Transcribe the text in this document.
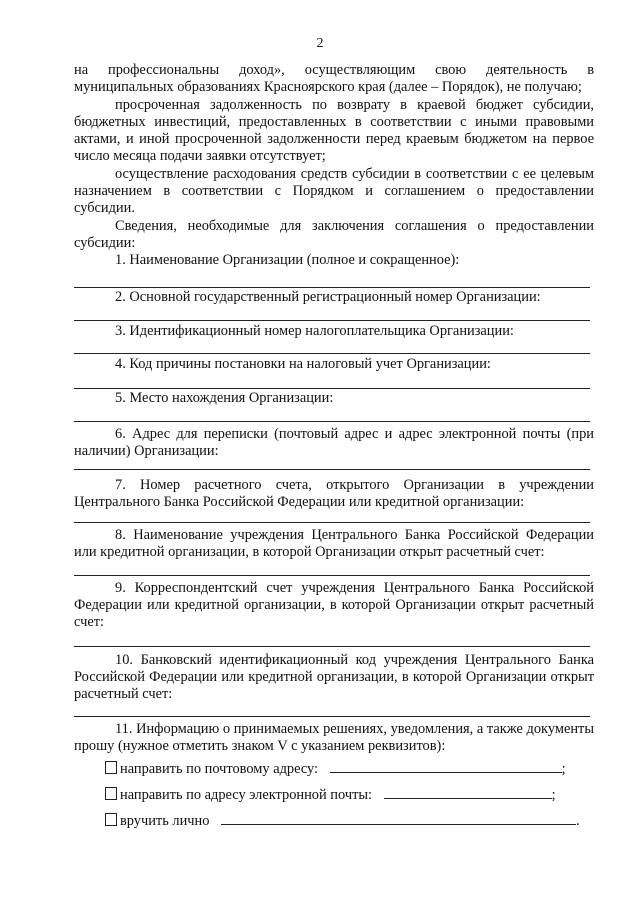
2
на профессиональны доход», осуществляющим свою деятельность в муниципальных образованиях Красноярского края (далее – Порядок), не получаю;
просроченная задолженность по возврату в краевой бюджет субсидии, бюджетных инвестиций, предоставленных в соответствии с иными правовыми актами, и иной просроченной задолженности перед краевым бюджетом на первое число месяца подачи заявки отсутствует;
осуществление расходования средств субсидии в соответствии с ее целевым назначением в соответствии с Порядком и соглашением о предоставлении субсидии.
Сведения, необходимые для заключения соглашения о предоставлении субсидии:
1. Наименование Организации (полное и сокращенное):
2. Основной государственный регистрационный номер Организации:
3. Идентификационный номер налогоплательщика Организации:
4. Код причины постановки на налоговый учет Организации:
5. Место нахождения Организации:
6. Адрес для переписки (почтовый адрес и адрес электронной почты (при наличии) Организации:
7. Номер расчетного счета, открытого Организации в учреждении Центрального Банка Российской Федерации или кредитной организации:
8. Наименование учреждения Центрального Банка Российской Федерации или кредитной организации, в которой Организации открыт расчетный счет:
9. Корреспондентский счет учреждения Центрального Банка Российской Федерации или кредитной организации, в которой Организации открыт расчетный счет:
10. Банковский идентификационный код учреждения Центрального Банка Российской Федерации или кредитной организации, в которой Организации открыт расчетный счет:
11. Информацию о принимаемых решениях, уведомления, а также документы прошу (нужное отметить знаком V с указанием реквизитов):
направить по почтовому адресу:	;
направить по адресу электронной почты:	;
вручить лично	.
